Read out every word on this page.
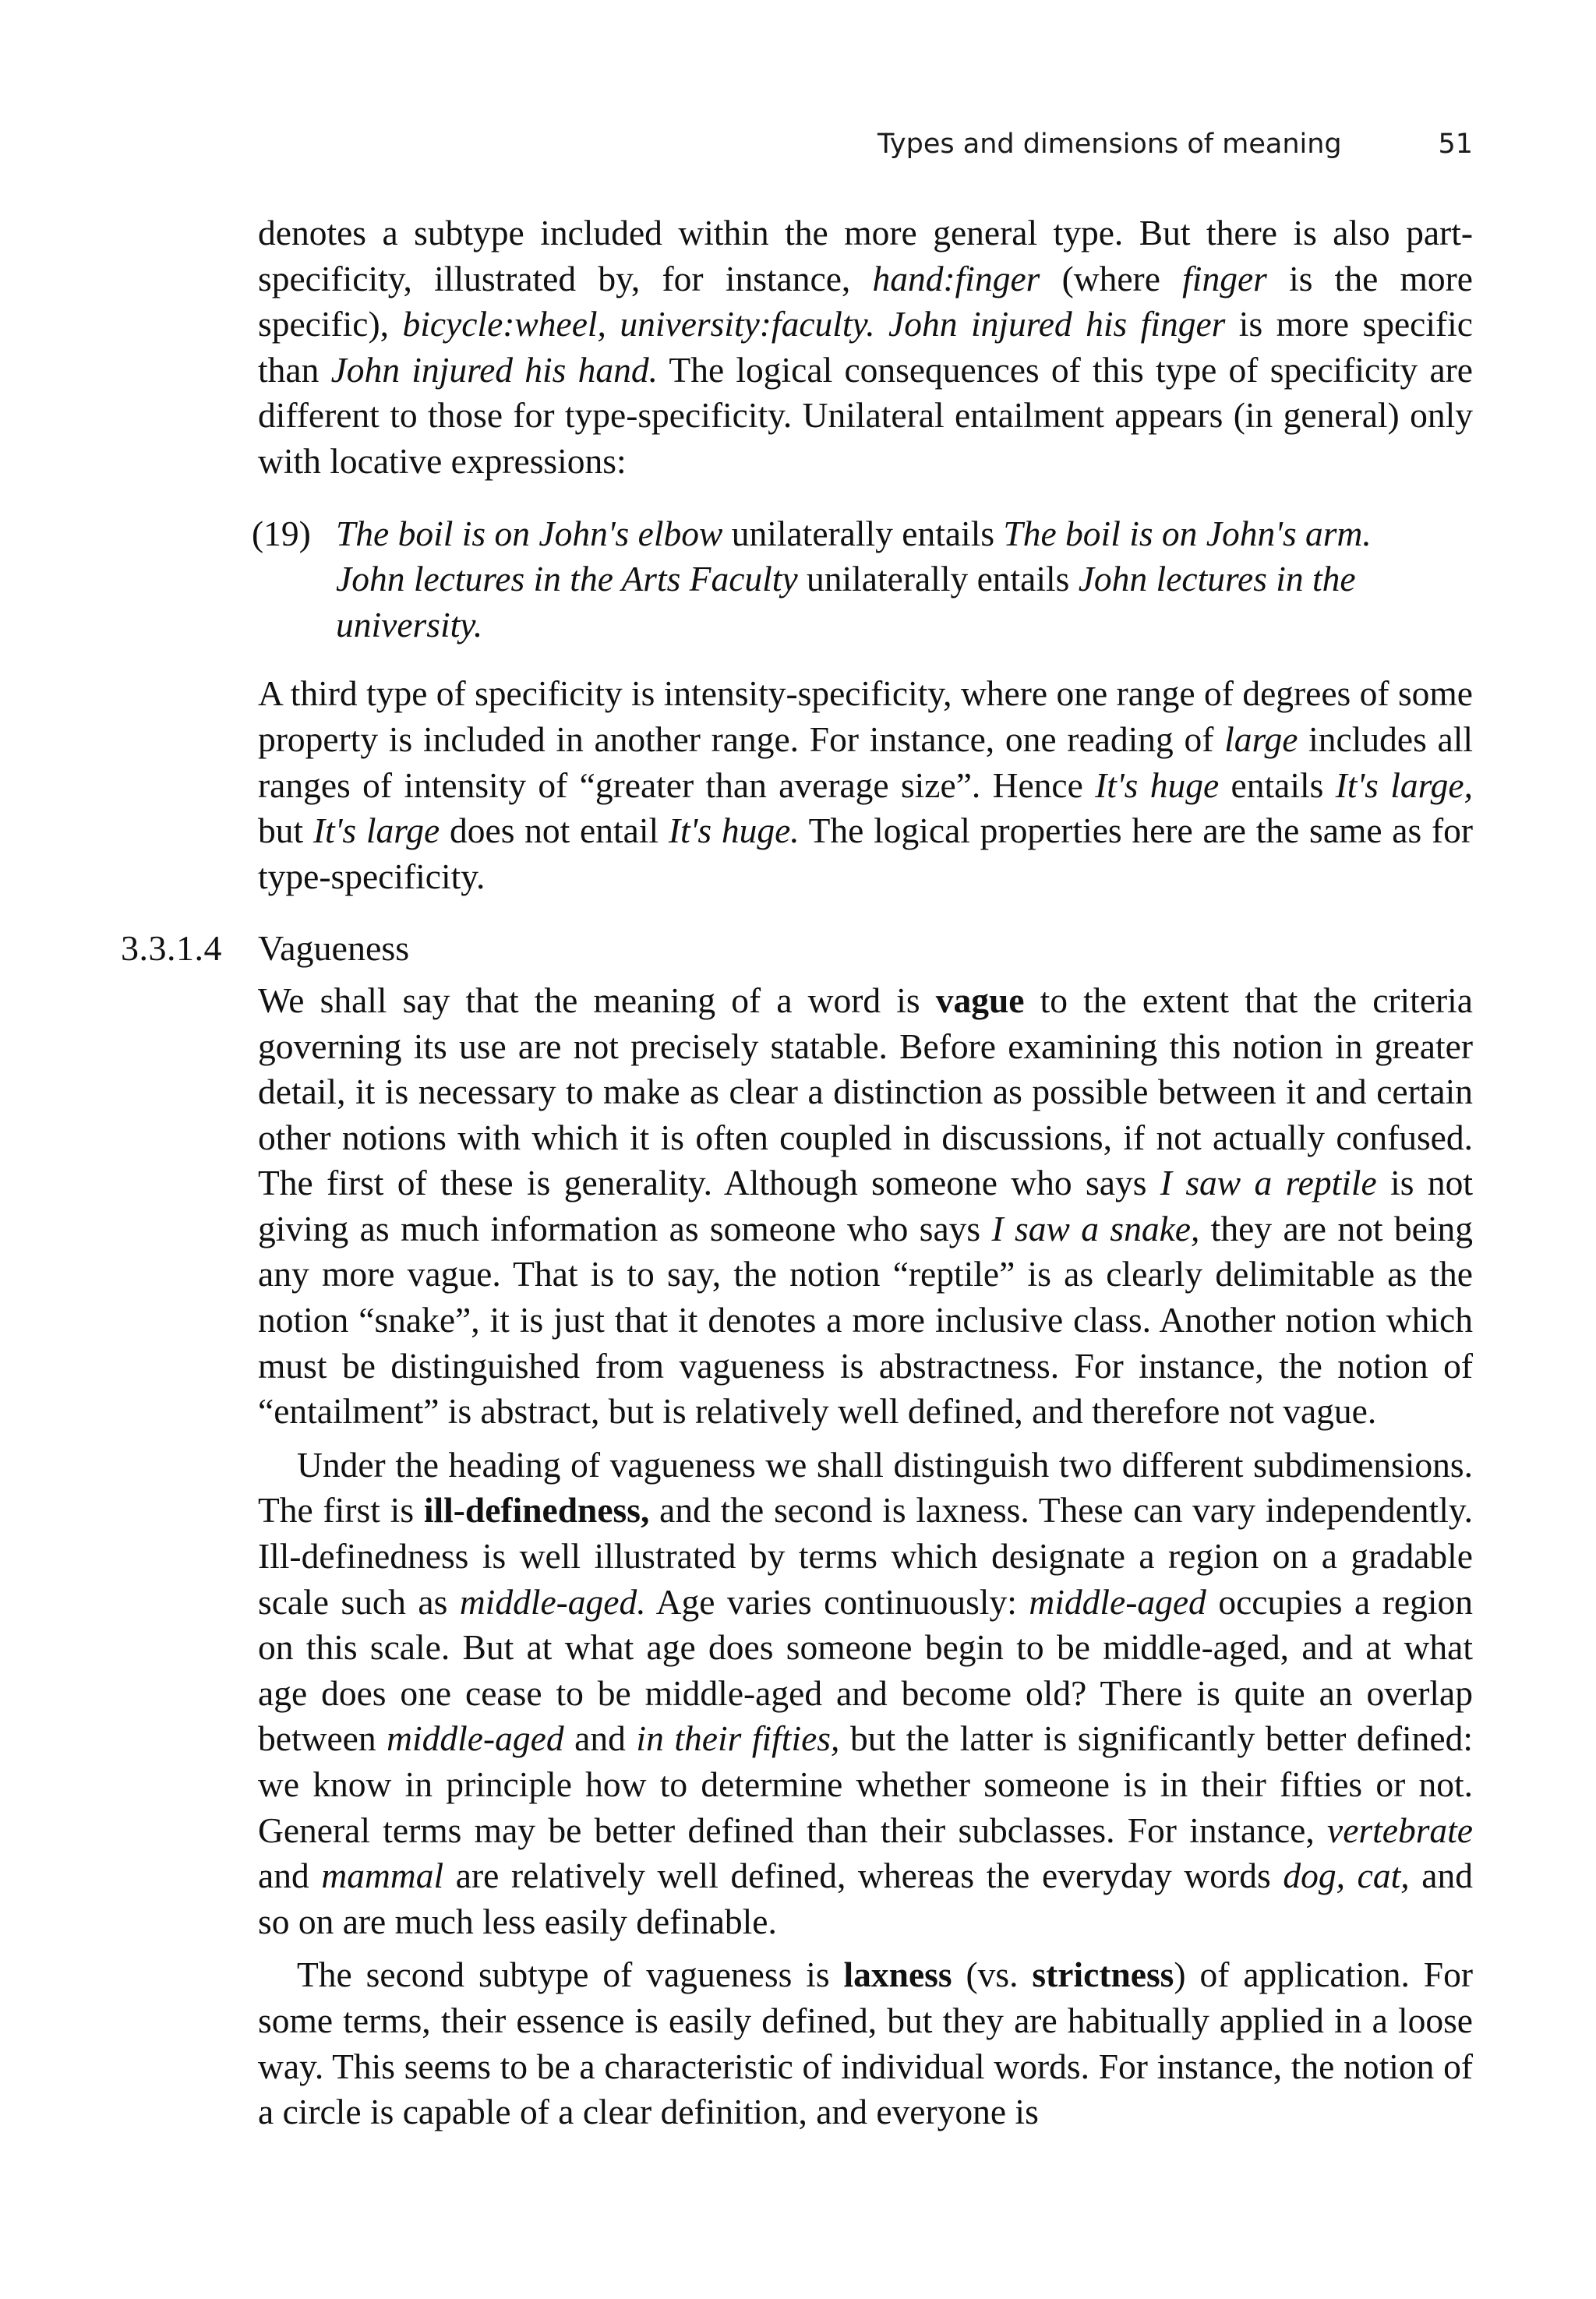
Types and dimensions of meaning	51

denotes a subtype included within the more general type. But there is also part-specificity, illustrated by, for instance, hand:finger (where finger is the more specific), bicycle:wheel, university:faculty. John injured his finger is more specific than John injured his hand. The logical consequences of this type of specificity are different to those for type-specificity. Unilateral entailment appears (in general) only with locative expressions:

(19) The boil is on John's elbow unilaterally entails The boil is on John's arm.
John lectures in the Arts Faculty unilaterally entails John lectures in the university.

A third type of specificity is intensity-specificity, where one range of degrees of some property is included in another range. For instance, one reading of large includes all ranges of intensity of “greater than average size”. Hence It's huge entails It's large, but It's large does not entail It's huge. The logical properties here are the same as for type-specificity.

3.3.1.4 Vagueness

We shall say that the meaning of a word is vague to the extent that the criteria governing its use are not precisely statable. Before examining this notion in greater detail, it is necessary to make as clear a distinction as possible between it and certain other notions with which it is often coupled in discussions, if not actually confused. The first of these is generality. Although someone who says I saw a reptile is not giving as much information as someone who says I saw a snake, they are not being any more vague. That is to say, the notion “reptile” is as clearly delimitable as the notion “snake”, it is just that it denotes a more inclusive class. Another notion which must be distinguished from vagueness is abstractness. For instance, the notion of “entailment” is abstract, but is relatively well defined, and therefore not vague.

Under the heading of vagueness we shall distinguish two different subdimensions. The first is ill-definedness, and the second is laxness. These can vary independently. Ill-definedness is well illustrated by terms which designate a region on a gradable scale such as middle-aged. Age varies continuously: middle-aged occupies a region on this scale. But at what age does someone begin to be middle-aged, and at what age does one cease to be middle-aged and become old? There is quite an overlap between middle-aged and in their fifties, but the latter is significantly better defined: we know in principle how to determine whether someone is in their fifties or not. General terms may be better defined than their subclasses. For instance, vertebrate and mammal are relatively well defined, whereas the everyday words dog, cat, and so on are much less easily definable.

The second subtype of vagueness is laxness (vs. strictness) of application. For some terms, their essence is easily defined, but they are habitually applied in a loose way. This seems to be a characteristic of individual words. For instance, the notion of a circle is capable of a clear definition, and everyone is
